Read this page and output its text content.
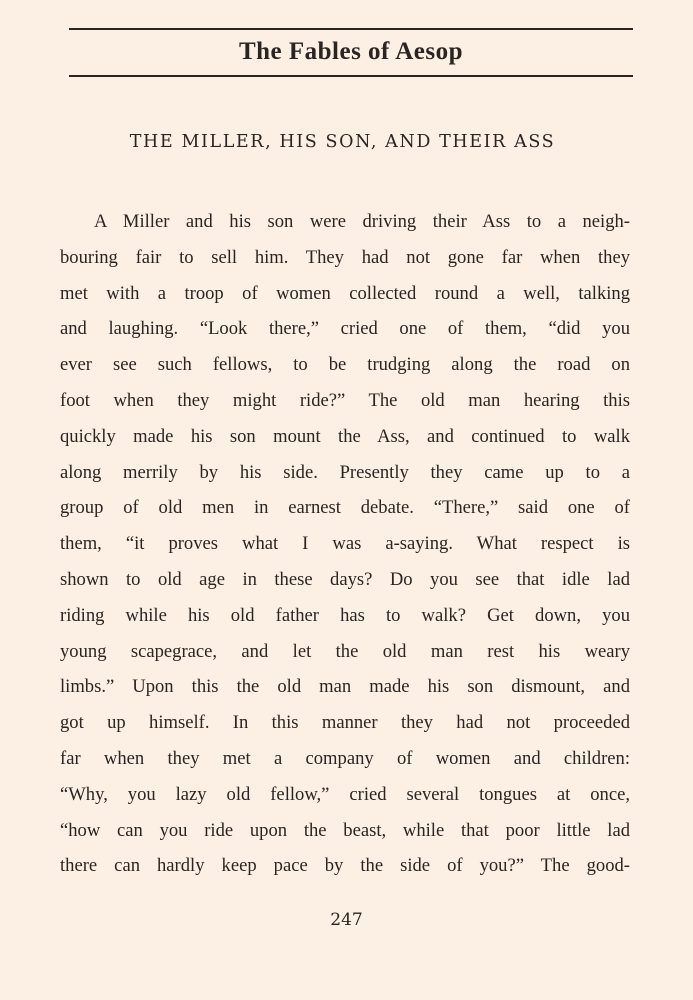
The Fables of Aesop
THE MILLER, HIS SON, AND THEIR ASS
A Miller and his son were driving their Ass to a neigh-
bouring fair to sell him. They had not gone far when they
met with a troop of women collected round a well, talking
and laughing. “Look there,” cried one of them, “did you
ever see such fellows, to be trudging along the road on
foot when they might ride?” The old man hearing this
quickly made his son mount the Ass, and continued to walk
along merrily by his side. Presently they came up to a
group of old men in earnest debate. “There,” said one of
them, “it proves what I was a-saying. What respect is
shown to old age in these days? Do you see that idle lad
riding while his old father has to walk? Get down, you
young scapegrace, and let the old man rest his weary
limbs.” Upon this the old man made his son dismount, and
got up himself. In this manner they had not proceeded
far when they met a company of women and children:
“Why, you lazy old fellow,” cried several tongues at once,
“how can you ride upon the beast, while that poor little lad
there can hardly keep pace by the side of you?” The good-
247
